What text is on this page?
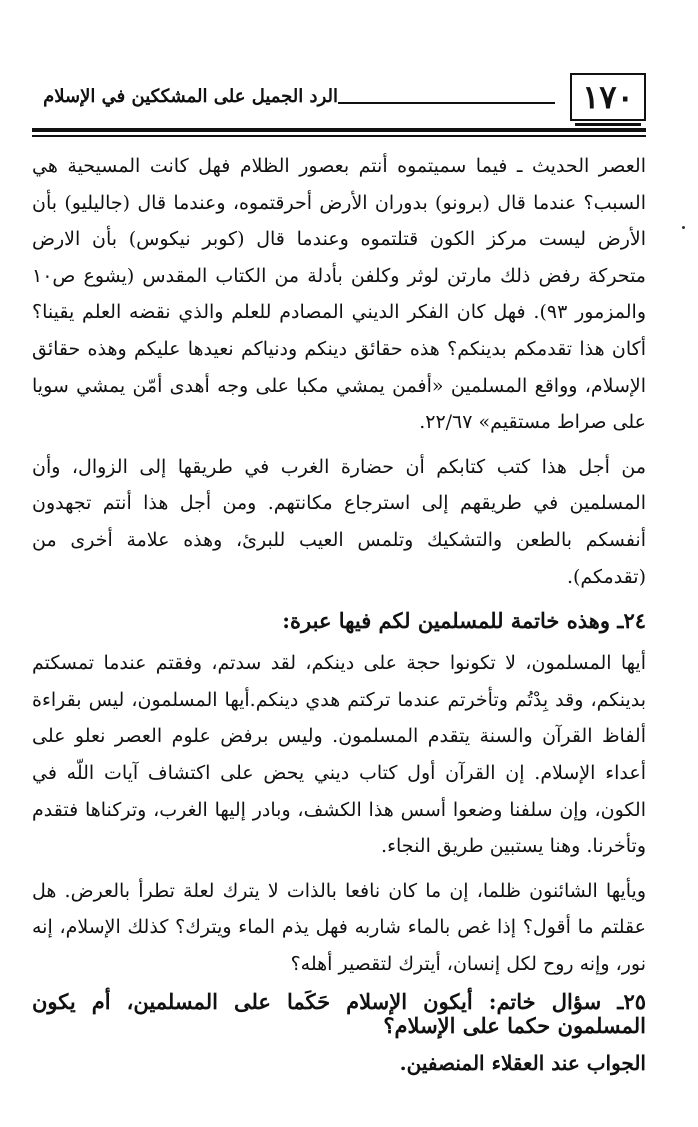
١٧٠
الرد الجميل على المشككين في الإسلام

العصر الحديث ـ فيما سميتموه أنتم بعصور الظلام فهل كانت المسيحية هي السبب؟ عندما قال (برونو) بدوران الأرض أحرقتموه، وعندما قال (جاليليو) بأن الأرض ليست مركز الكون قتلتموه وعندما قال (كوبر نيكوس) بأن الارض متحركة رفض ذلك مارتن لوثر وكلفن بأدلة من الكتاب المقدس (يشوع ص١٠ والمزمور ٩٣). فهل كان الفكر الديني المصادم للعلم والذي نقضه العلم يقينا؟ أكان هذا تقدمكم بدينكم؟ هذه حقائق دينكم ودنياكم نعيدها عليكم وهذه حقائق الإسلام، وواقع المسلمين «أفمن يمشي مكبا على وجه أهدى أمّن يمشي سويا على صراط مستقيم» ٢٢/٦٧.

من أجل هذا كتب كتابكم أن حضارة الغرب في طريقها إلى الزوال، وأن المسلمين في طريقهم إلى استرجاع مكانتهم. ومن أجل هذا أنتم تجهدون أنفسكم بالطعن والتشكيك وتلمس العيب للبرئ، وهذه علامة أخرى من (تقدمكم).

٢٤ـ وهذه خاتمة للمسلمين لكم فيها عبرة:

أيها المسلمون، لا تكونوا حجة على دينكم، لقد سدتم، وفقتم عندما تمسكتم بدينكم، وقد بِدْتُم وتأخرتم عندما تركتم هدي دينكم.أيها المسلمون، ليس بقراءة ألفاظ القرآن والسنة يتقدم المسلمون. وليس برفض علوم العصر نعلو على أعداء الإسلام. إن القرآن أول كتاب ديني يحض على اكتشاف آيات اللّه في الكون، وإن سلفنا وضعوا أسس هذا الكشف، وبادر إليها الغرب، وتركناها فتقدم وتأخرنا. وهنا يستبين طريق النجاء.

ويأيها الشائنون ظلما، إن ما كان نافعا بالذات لا يترك لعلة تطرأ بالعرض. هل عقلتم ما أقول؟ إذا غص بالماء شاربه فهل يذم الماء ويترك؟ كذلك الإسلام، إنه نور، وإنه روح لكل إنسان، أيترك لتقصير أهله؟

٢٥ـ سؤال خاتم: أيكون الإسلام حَكَما على المسلمين، أم يكون المسلمون حكما على الإسلام؟

الجواب عند العقلاء المنصفين.
